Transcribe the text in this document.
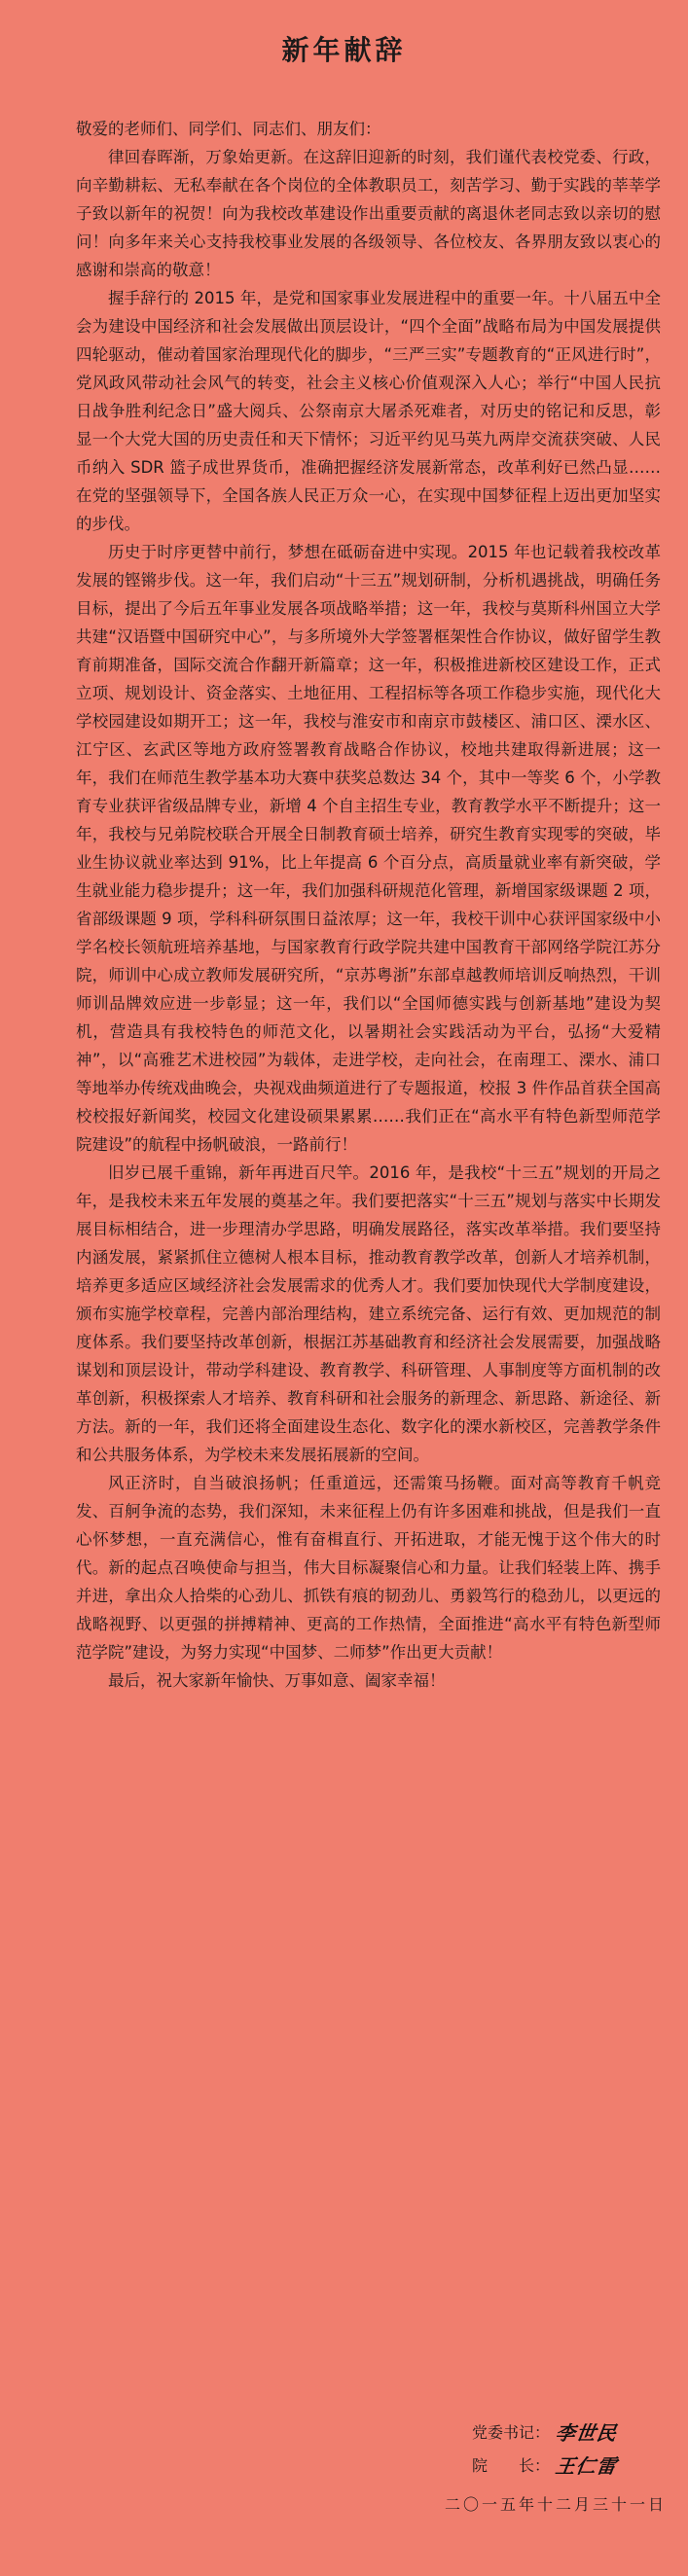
新年献辞

敬爱的老师们、同学们、同志们、朋友们：

律回春晖渐，万象始更新。在这辞旧迎新的时刻，我们谨代表校党委、行政，向辛勤耕耘、无私奉献在各个岗位的全体教职员工，刻苦学习、勤于实践的莘莘学子致以新年的祝贺！向为我校改革建设作出重要贡献的离退休老同志致以亲切的慰问！向多年来关心支持我校事业发展的各级领导、各位校友、各界朋友致以衷心的感谢和崇高的敬意！

握手辞行的 2015 年，是党和国家事业发展进程中的重要一年。十八届五中全会为建设中国经济和社会发展做出顶层设计，“四个全面”战略布局为中国发展提供四轮驱动，催动着国家治理现代化的脚步，“三严三实”专题教育的“正风进行时”，党风政风带动社会风气的转变，社会主义核心价值观深入人心；举行“中国人民抗日战争胜利纪念日”盛大阅兵、公祭南京大屠杀死难者，对历史的铭记和反思，彰显一个大党大国的历史责任和天下情怀；习近平约见马英九两岸交流获突破、人民币纳入 SDR 篮子成世界货币，准确把握经济发展新常态，改革利好已然凸显……在党的坚强领导下，全国各族人民正万众一心，在实现中国梦征程上迈出更加坚实的步伐。

历史于时序更替中前行，梦想在砥砺奋进中实现。2015 年也记载着我校改革发展的铿锵步伐。这一年，我们启动“十三五”规划研制，分析机遇挑战，明确任务目标，提出了今后五年事业发展各项战略举措；这一年，我校与莫斯科州国立大学共建“汉语暨中国研究中心”，与多所境外大学签署框架性合作协议，做好留学生教育前期准备，国际交流合作翻开新篇章；这一年，积极推进新校区建设工作，正式立项、规划设计、资金落实、土地征用、工程招标等各项工作稳步实施，现代化大学校园建设如期开工；这一年，我校与淮安市和南京市鼓楼区、浦口区、溧水区、江宁区、玄武区等地方政府签署教育战略合作协议，校地共建取得新进展；这一年，我们在师范生教学基本功大赛中获奖总数达 34 个，其中一等奖 6 个，小学教育专业获评省级品牌专业，新增 4 个自主招生专业，教育教学水平不断提升；这一年，我校与兄弟院校联合开展全日制教育硕士培养，研究生教育实现零的突破，毕业生协议就业率达到 91%，比上年提高 6 个百分点，高质量就业率有新突破，学生就业能力稳步提升；这一年，我们加强科研规范化管理，新增国家级课题 2 项，省部级课题 9 项，学科科研氛围日益浓厚；这一年，我校干训中心获评国家级中小学名校长领航班培养基地，与国家教育行政学院共建中国教育干部网络学院江苏分院，师训中心成立教师发展研究所，“京苏粤浙”东部卓越教师培训反响热烈，干训师训品牌效应进一步彰显；这一年，我们以“全国师德实践与创新基地”建设为契机，营造具有我校特色的师范文化，以暑期社会实践活动为平台，弘扬“大爱精神”，以“高雅艺术进校园”为载体，走进学校，走向社会，在南理工、溧水、浦口等地举办传统戏曲晚会，央视戏曲频道进行了专题报道，校报 3 件作品首获全国高校校报好新闻奖，校园文化建设硕果累累……我们正在“高水平有特色新型师范学院建设”的航程中扬帆破浪，一路前行！

旧岁已展千重锦，新年再进百尺竿。2016 年，是我校“十三五”规划的开局之年，是我校未来五年发展的奠基之年。我们要把落实“十三五”规划与落实中长期发展目标相结合，进一步理清办学思路，明确发展路径，落实改革举措。我们要坚持内涵发展，紧紧抓住立德树人根本目标，推动教育教学改革，创新人才培养机制，培养更多适应区域经济社会发展需求的优秀人才。我们要加快现代大学制度建设，颁布实施学校章程，完善内部治理结构，建立系统完备、运行有效、更加规范的制度体系。我们要坚持改革创新，根据江苏基础教育和经济社会发展需要，加强战略谋划和顶层设计，带动学科建设、教育教学、科研管理、人事制度等方面机制的改革创新，积极探索人才培养、教育科研和社会服务的新理念、新思路、新途径、新方法。新的一年，我们还将全面建设生态化、数字化的溧水新校区，完善教学条件和公共服务体系，为学校未来发展拓展新的空间。

风正济时，自当破浪扬帆；任重道远，还需策马扬鞭。面对高等教育千帆竞发、百舸争流的态势，我们深知，未来征程上仍有许多困难和挑战，但是我们一直心怀梦想，一直充满信心，惟有奋楫直行、开拓进取，才能无愧于这个伟大的时代。新的起点召唤使命与担当，伟大目标凝聚信心和力量。让我们轻装上阵、携手并进，拿出众人拾柴的心劲儿、抓铁有痕的韧劲儿、勇毅笃行的稳劲儿，以更远的战略视野、以更强的拼搏精神、更高的工作热情，全面推进“高水平有特色新型师范学院”建设，为努力实现“中国梦、二师梦”作出更大贡献！

最后，祝大家新年愉快、万事如意、阖家幸福！

党委书记： 李世民
院　　长： 王仁雷
二〇一五年十二月三十一日
